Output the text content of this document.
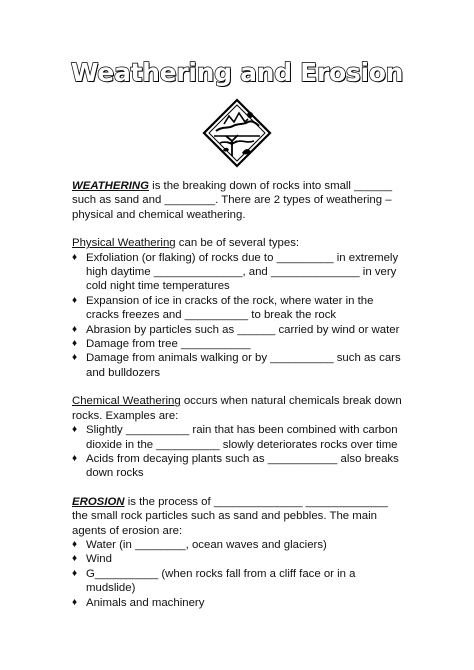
Weathering and Erosion

WEATHERING is the breaking down of rocks into small ______ such as sand and ________. There are 2 types of weathering – physical and chemical weathering.

Physical Weathering can be of several types:

♦ Exfoliation (or flaking) of rocks due to _________ in extremely high daytime ______________, and ______________ in very cold night time temperatures
♦ Expansion of ice in cracks of the rock, where water in the cracks freezes and __________ to break the rock
♦ Abrasion by particles such as ______ carried by wind or water
♦ Damage from tree ___________
♦ Damage from animals walking or by __________ such as cars and bulldozers

Chemical Weathering occurs when natural chemicals break down rocks. Examples are:

♦ Slightly __________ rain that has been combined with carbon dioxide in the __________ slowly deteriorates rocks over time
♦ Acids from decaying plants such as ___________ also breaks down rocks

EROSION is the process of ______________ _____________ the small rock particles such as sand and pebbles. The main agents of erosion are:

♦ Water (in ________, ocean waves and glaciers)
♦ Wind
♦ G__________ (when rocks fall from a cliff face or in a mudslide)
♦ Animals and machinery
